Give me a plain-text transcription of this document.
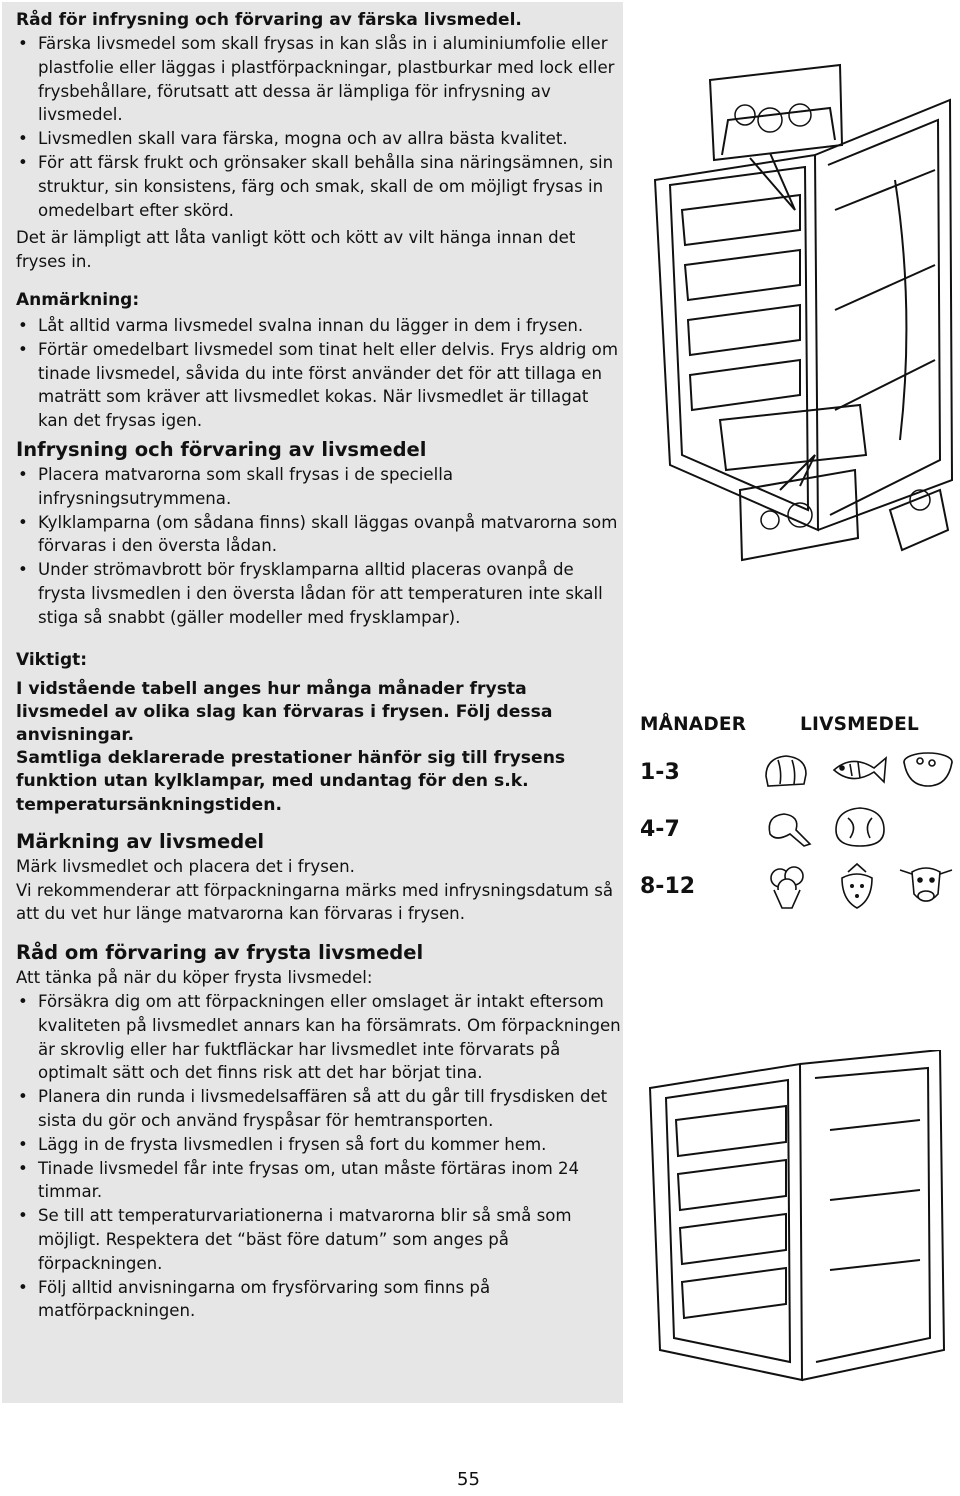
Råd för infrysning och förvaring av färska livsmedel.

• Färska livsmedel som skall frysas in kan slås in i aluminiumfolie eller plastfolie eller läggas i plastförpackningar, plastburkar med lock eller frysbehållare, förutsatt att dessa är lämpliga för infrysning av livsmedel.
• Livsmedlen skall vara färska, mogna och av allra bästa kvalitet.
• För att färsk frukt och grönsaker skall behålla sina näringsämnen, sin struktur, sin konsistens, färg och smak, skall de om möjligt frysas in omedelbart efter skörd.

Det är lämpligt att låta vanligt kött och kött av vilt hänga innan det fryses in.

Anmärkning:

• Låt alltid varma livsmedel svalna innan du lägger in dem i frysen.
• Förtär omedelbart livsmedel som tinat helt eller delvis. Frys aldrig om tinade livsmedel, såvida du inte först använder det för att tillaga en maträtt som kräver att livsmedlet kokas. När livsmedlet är tillagat kan det frysas igen.

Infrysning och förvaring av livsmedel

• Placera matvarorna som skall frysas i de speciella infrysningsutrymmena.
• Kylklamparna (om sådana finns) skall läggas ovanpå matvarorna som förvaras i den översta lådan.
• Under strömavbrott bör frysklamparna alltid placeras ovanpå de frysta livsmedlen i den översta lådan för att temperaturen inte skall stiga så snabbt (gäller modeller med frysklampar).

Viktigt:

I vidstående tabell anges hur många månader frysta livsmedel av olika slag kan förvaras i frysen. Följ dessa anvisningar.

Samtliga deklarerade prestationer hänför sig till frysens funktion utan kylklampar, med undantag för den s.k. temperatursänkningstiden.

Märkning av livsmedel

Märk livsmedlet och placera det i frysen.

Vi rekommenderar att förpackningarna märks med infrysningsdatum så att du vet hur länge matvarorna kan förvaras i frysen.

Råd om förvaring av frysta livsmedel

Att tänka på när du köper frysta livsmedel:

• Försäkra dig om att förpackningen eller omslaget är intakt eftersom kvaliteten på livsmedlet annars kan ha försämrats. Om förpackningen är skrovlig eller har fuktfläckar har livsmedlet inte förvarats på optimalt sätt och det finns risk att det har börjat tina.
• Planera din runda i livsmedelsaffären så att du går till frysdisken det sista du gör och använd fryspåsar för hemtransporten.
• Lägg in de frysta livsmedlen i frysen så fort du kommer hem.
• Tinade livsmedel får inte frysas om, utan måste förtäras inom 24 timmar.
• Se till att temperaturvariationerna i matvarorna blir så små som möjligt. Respektera det “bäst före datum” som anges på förpackningen.
• Följ alltid anvisningarna om frysförvaring som finns på matförpackningen.
MÅNADER	LIVSMEDEL
1-3
4-7
8-12
55
